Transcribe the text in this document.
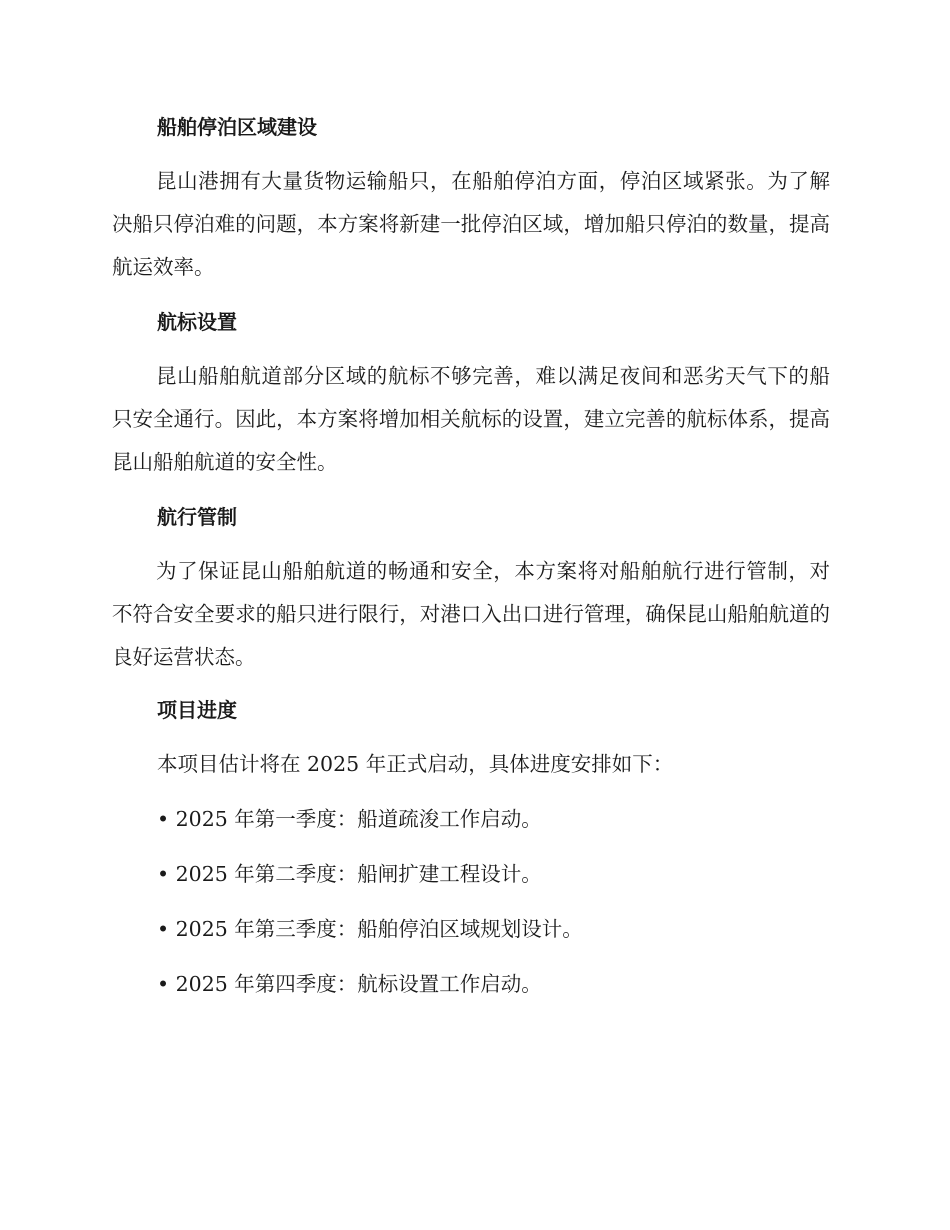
船舶停泊区域建设

昆山港拥有大量货物运输船只，在船舶停泊方面，停泊区域紧张。为了解决船只停泊难的问题，本方案将新建一批停泊区域，增加船只停泊的数量，提高航运效率。

航标设置

昆山船舶航道部分区域的航标不够完善，难以满足夜间和恶劣天气下的船只安全通行。因此，本方案将增加相关航标的设置，建立完善的航标体系，提高昆山船舶航道的安全性。

航行管制

为了保证昆山船舶航道的畅通和安全，本方案将对船舶航行进行管制，对不符合安全要求的船只进行限行，对港口入出口进行管理，确保昆山船舶航道的良好运营状态。

项目进度

本项目估计将在 2025 年正式启动，具体进度安排如下：

• 2025 年第一季度：船道疏浚工作启动。

• 2025 年第二季度：船闸扩建工程设计。

• 2025 年第三季度：船舶停泊区域规划设计。

• 2025 年第四季度：航标设置工作启动。
